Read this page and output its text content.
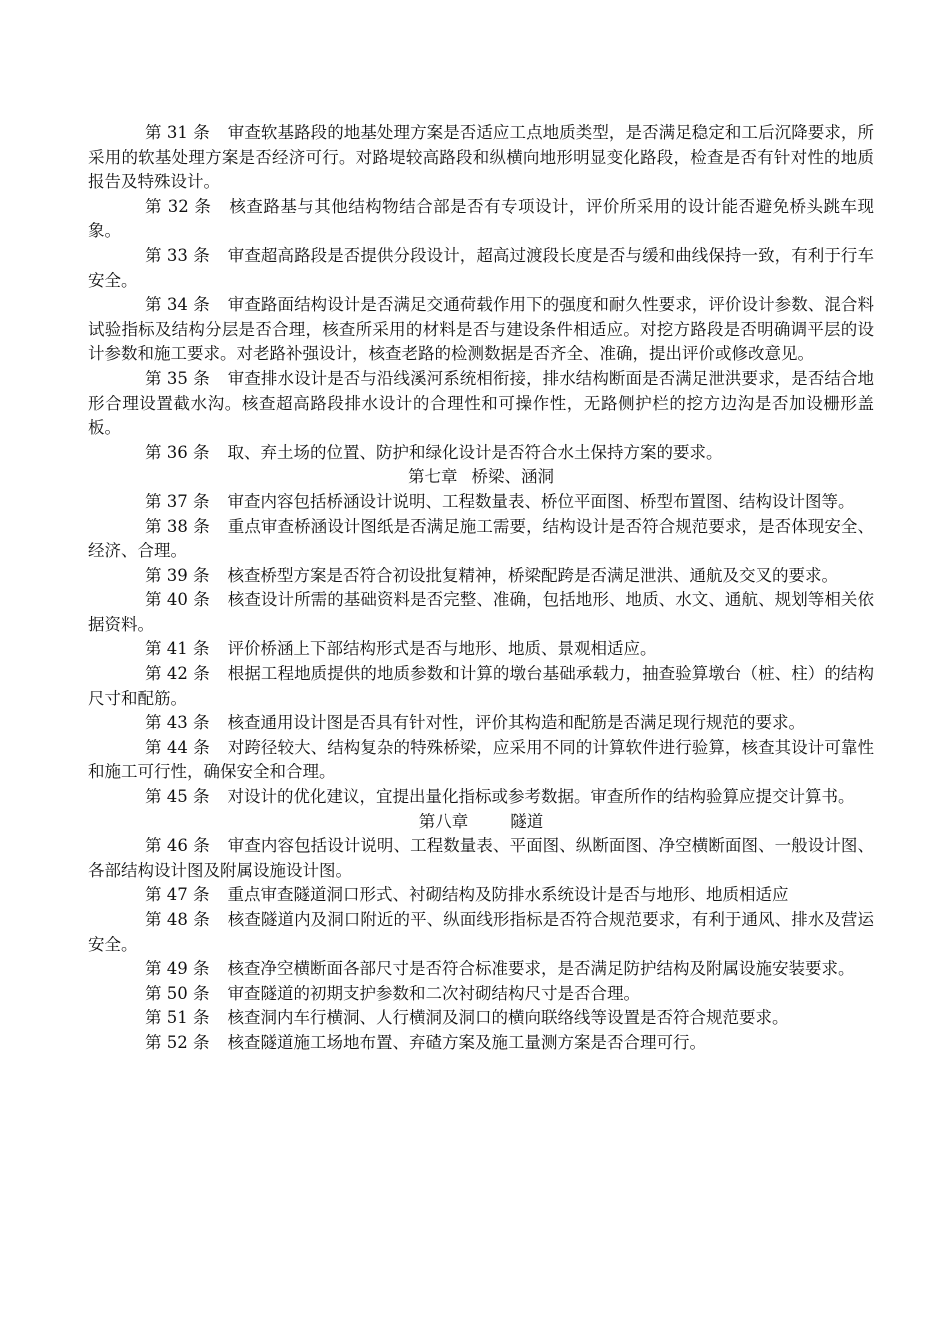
第 31 条 审查软基路段的地基处理方案是否适应工点地质类型，是否满足稳定和工后沉降要求，所采用的软基处理方案是否经济可行。对路堤较高路段和纵横向地形明显变化路段，检查是否有针对性的地质报告及特殊设计。

第 32 条 核查路基与其他结构物结合部是否有专项设计，评价所采用的设计能否避免桥头跳车现象。

第 33 条 审查超高路段是否提供分段设计，超高过渡段长度是否与缓和曲线保持一致，有利于行车安全。

第 34 条 审查路面结构设计是否满足交通荷载作用下的强度和耐久性要求，评价设计参数、混合料试验指标及结构分层是否合理，核查所采用的材料是否与建设条件相适应。对挖方路段是否明确调平层的设计参数和施工要求。对老路补强设计，核查老路的检测数据是否齐全、准确，提出评价或修改意见。

第 35 条 审查排水设计是否与沿线溪河系统相衔接，排水结构断面是否满足泄洪要求，是否结合地形合理设置截水沟。核查超高路段排水设计的合理性和可操作性，无路侧护栏的挖方边沟是否加设栅形盖板。

第 36 条 取、弃土场的位置、防护和绿化设计是否符合水土保持方案的要求。

第七章 桥梁、涵洞

第 37 条 审查内容包括桥涵设计说明、工程数量表、桥位平面图、桥型布置图、结构设计图等。

第 38 条 重点审查桥涵设计图纸是否满足施工需要，结构设计是否符合规范要求，是否体现安全、经济、合理。

第 39 条 核查桥型方案是否符合初设批复精神，桥梁配跨是否满足泄洪、通航及交叉的要求。

第 40 条 核查设计所需的基础资料是否完整、准确，包括地形、地质、水文、通航、规划等相关依据资料。

第 41 条 评价桥涵上下部结构形式是否与地形、地质、景观相适应。

第 42 条 根据工程地质提供的地质参数和计算的墩台基础承载力，抽查验算墩台（桩、柱）的结构尺寸和配筋。

第 43 条 核查通用设计图是否具有针对性，评价其构造和配筋是否满足现行规范的要求。

第 44 条 对跨径较大、结构复杂的特殊桥梁，应采用不同的计算软件进行验算，核查其设计可靠性和施工可行性，确保安全和合理。

第 45 条 对设计的优化建议，宜提出量化指标或参考数据。审查所作的结构验算应提交计算书。

第八章	隧道

第 46 条 审查内容包括设计说明、工程数量表、平面图、纵断面图、净空横断面图、一般设计图、各部结构设计图及附属设施设计图。

第 47 条 重点审查隧道洞口形式、衬砌结构及防排水系统设计是否与地形、地质相适应

第 48 条 核查隧道内及洞口附近的平、纵面线形指标是否符合规范要求，有利于通风、排水及营运安全。

第 49 条 核查净空横断面各部尺寸是否符合标准要求，是否满足防护结构及附属设施安装要求。

第 50 条 审查隧道的初期支护参数和二次衬砌结构尺寸是否合理。

第 51 条 核查洞内车行横洞、人行横洞及洞口的横向联络线等设置是否符合规范要求。

第 52 条 核查隧道施工场地布置、弃碴方案及施工量测方案是否合理可行。
